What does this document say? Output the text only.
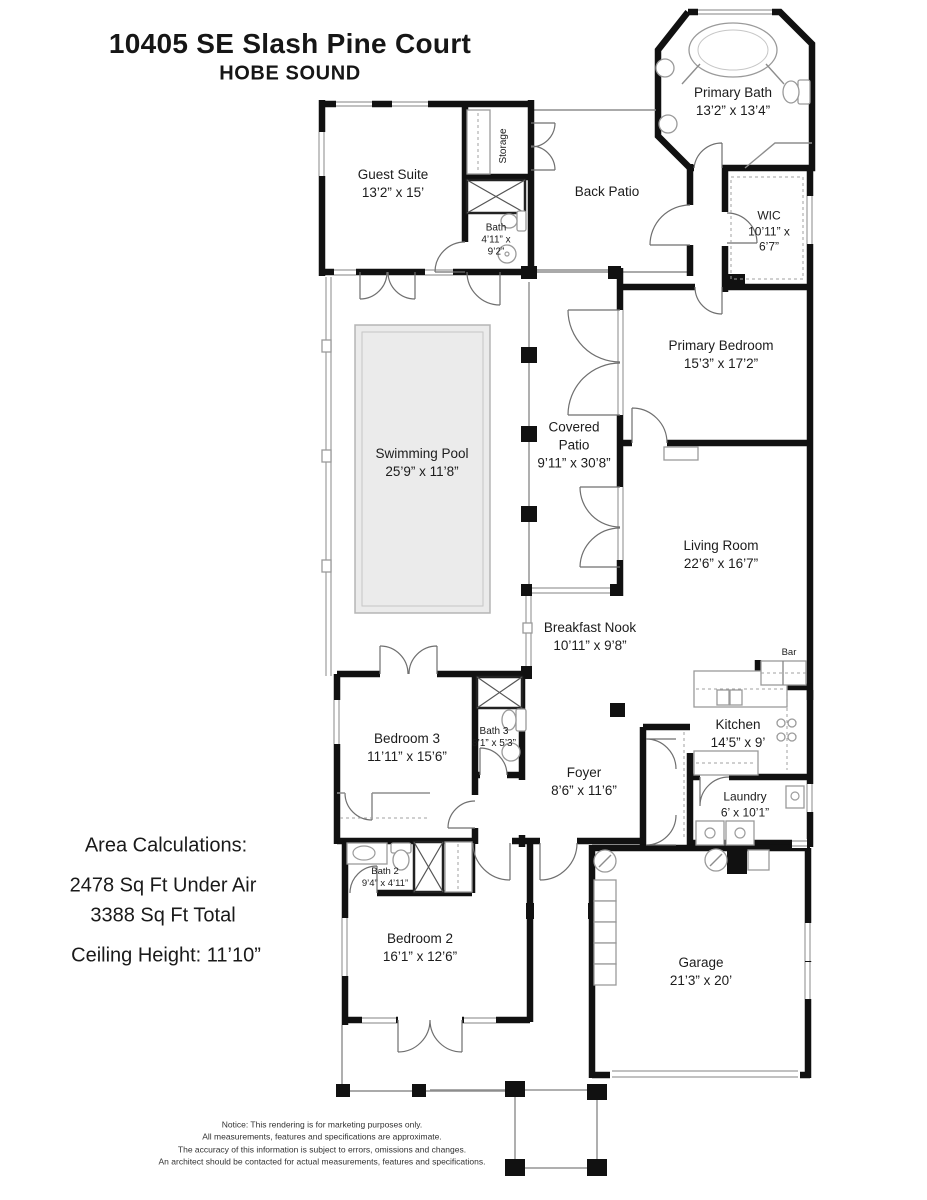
10405 SE Slash Pine Court
HOBE SOUND
Guest Suite
13’2” x 15’
Storage
Bath
4’11” x 9’2”
Back Patio
Primary Bath
13’2” x 13’4”
WIC
10’11” x 6’7”
Primary Bedroom
15’3” x 17’2”
Swimming Pool
25’9” x 11’8”
Covered Patio
9’11” x 30’8”
Living Room
22’6” x 16’7”
Breakfast Nook
10’11” x 9’8”	Bar
Kitchen
14’5” x 9’
Bedroom 3
11’11” x 15’6”
Bath 3
8’1” x 5’3”
Foyer
8’6” x 11’6”	Laundry
6’ x 10’1”
Bath 2
9’4” x 4’11”
Bedroom 2
16’1” x 12’6”	Garage
21’3” x 20’
Area Calculations:
2478 Sq Ft Under Air
3388 Sq Ft Total
Ceiling Height: 11’10”
Notice: This rendering is for marketing purposes only.
All measurements, features and specifications are approximate.
The accuracy of this information is subject to errors, omissions and changes.
An architect should be contacted for actual measurements, features and specifications.
